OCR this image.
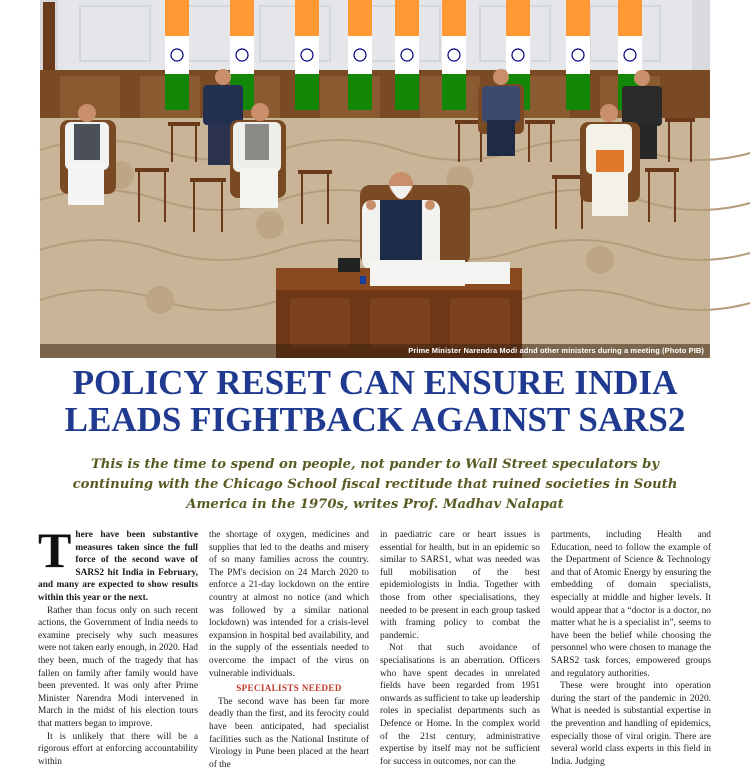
Prime Minister Narendra Modi adnd other ministers during a meeting (Photo PIB)
POLICY RESET CAN ENSURE INDIA
LEADS FIGHTBACK AGAINST SARS2
This is the time to spend on people, not pander to Wall Street speculators by
continuing with the Chicago School fiscal rectitude that ruined societies in South
America in the 1970s, writes Prof. Madhav Nalapat
T here have been substantive measures taken since the full force of the second wave of SARS2 hit India in February, and many are expected to show results within this year or the next.

Rather than focus only on such recent actions, the Government of India needs to examine precisely why such measures were not taken early enough, in 2020. Had they been, much of the tragedy that has fallen on family after family would have been prevented. It was only after Prime Minister Narendra Modi intervened in March in the midst of his election tours that matters began to improve.

It is unlikely that there will be a rigorous effort at enforcing accountability within

the shortage of oxygen, medicines and supplies that led to the deaths and misery of so many families across the country. The PM's decision on 24 March 2020 to enforce a 21-day lockdown on the entire country at almost no notice (and which was followed by a similar national lockdown) was intended for a crisis-level expansion in hospital bed availability, and in the supply of the essentials needed to overcome the impact of the virus on vulnerable individuals.

SPECIALISTS NEEDED

The second wave has been far more deadly than the first, and its ferocity could have been anticipated, had specialist facilities such as the National Institute of Virology in Pune been placed at the heart of the

in paediatric care or heart issues is essential for health, but in an epidemic so similar to SARS1, what was needed was full mobilisation of the best epidemiologists in India. Together with those from other specialisations, they needed to be present in each group tasked with framing policy to combat the pandemic.

Not that such avoidance of specialisations is an aberration. Officers who have spent decades in unrelated fields have been regarded from 1951 onwards as sufficient to take up leadership roles in specialist departments such as Defence or Home. In the complex world of the 21st century, administrative expertise by itself may not be sufficient for success in outcomes, nor can the

partments, including Health and Education, need to follow the example of the Department of Science & Technology and that of Atomic Energy by ensuring the embedding of domain specialists, especially at middle and higher levels. It would appear that a “doctor is a doctor, no matter what he is a specialist in”, seems to have been the belief while choosing the personnel who were chosen to manage the SARS2 task forces, empowered groups and regulatory authorities.

These were brought into operation during the start of the pandemic in 2020. What is needed is substantial expertise in the prevention and handling of epidemics, especially those of viral origin. There are several world class experts in this field in India. Judging
